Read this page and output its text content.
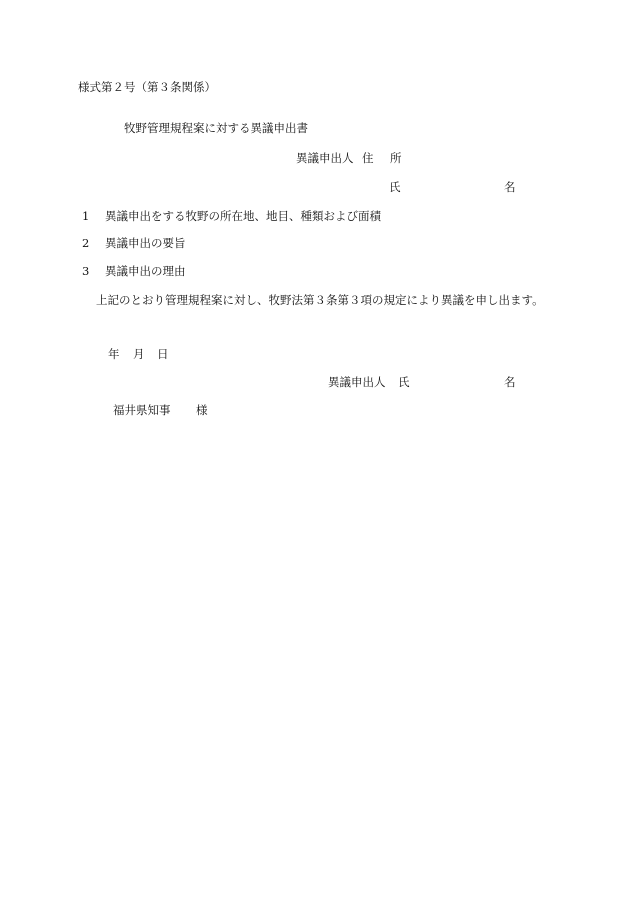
様式第２号（第３条関係）
牧野管理規程案に対する異議申出書
異議申出人 住 所
氏	名
1 異議申出をする牧野の所在地、地目、種類および面積
2 異議申出の要旨
3 異議申出の理由
上記のとおり管理規程案に対し、牧野法第３条第３項の規定により異議を申し出ます。
年 月 日
異議申出人 氏	名
福井県知事 様
